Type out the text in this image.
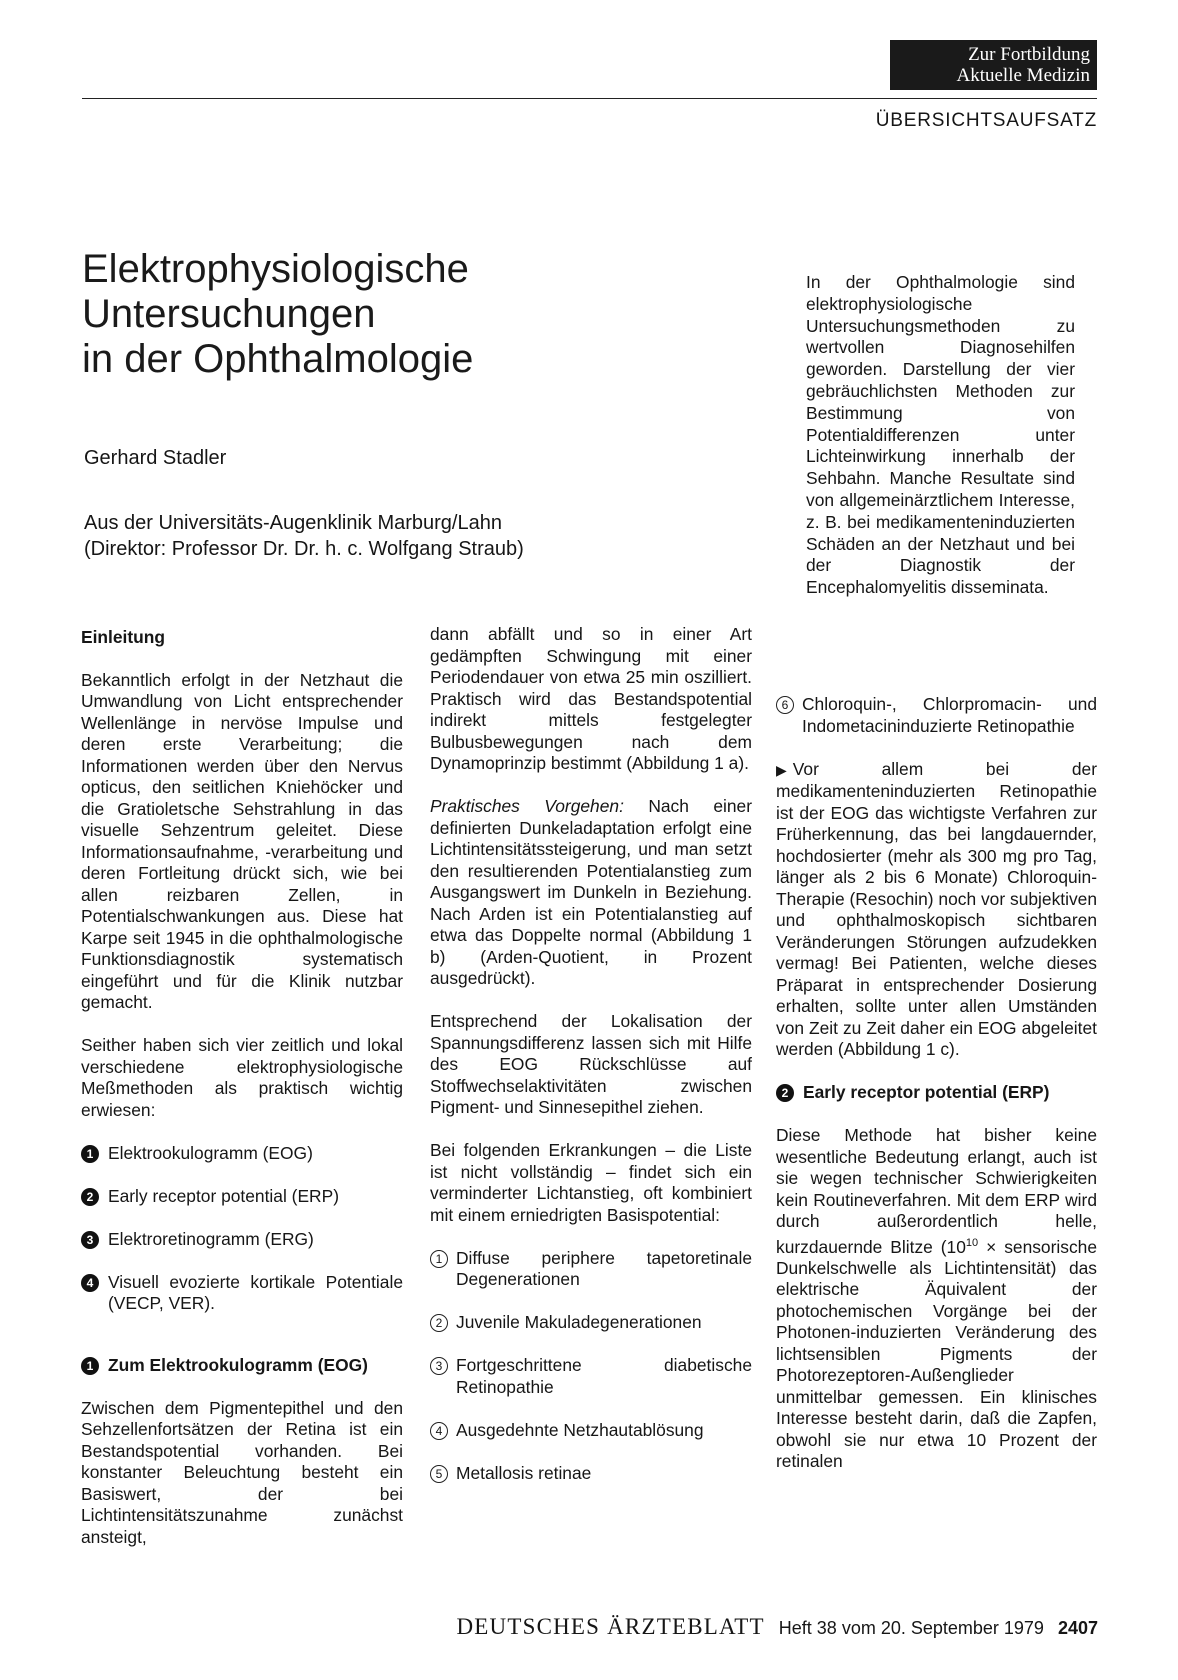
Zur Fortbildung
Aktuelle Medizin
ÜBERSICHTSAUFSATZ
Elektrophysiologische
Untersuchungen
in der Ophthalmologie
Gerhard Stadler
Aus der Universitäts-Augenklinik Marburg/Lahn
(Direktor: Professor Dr. Dr. h. c. Wolfgang Straub)
In der Ophthalmologie sind elektrophysiologische Untersuchungsmethoden zu wertvollen Diagnosehilfen geworden. Darstellung der vier gebräuchlichsten Methoden zur Bestimmung von Potentialdifferenzen unter Lichteinwirkung innerhalb der Sehbahn. Manche Resultate sind von allgemeinärztlichem Interesse, z. B. bei medikamenteninduzierten Schäden an der Netzhaut und bei der Diagnostik der Encephalomyelitis disseminata.

Einleitung

Bekanntlich erfolgt in der Netzhaut die Umwandlung von Licht entsprechender Wellenlänge in nervöse Impulse und deren erste Verarbeitung; die Informationen werden über den Nervus opticus, den seitlichen Kniehöcker und die Gratioletsche Sehstrahlung in das visuelle Sehzentrum geleitet. Diese Informationsaufnahme, -verarbeitung und deren Fortleitung drückt sich, wie bei allen reizbaren Zellen, in Potentialschwankungen aus. Diese hat Karpe seit 1945 in die ophthalmologische Funktionsdiagnostik systematisch eingeführt und für die Klinik nutzbar gemacht.

Seither haben sich vier zeitlich und lokal verschiedene elektrophysiologische Meßmethoden als praktisch wichtig erwiesen:

1 Elektrookulogramm (EOG)
2 Early receptor potential (ERP)
3 Elektroretinogramm (ERG)
4 Visuell evozierte kortikale Potentiale (VECP, VER).
1 Zum Elektrookulogramm (EOG)

Zwischen dem Pigmentepithel und den Sehzellenfortsätzen der Retina ist ein Bestandspotential vorhanden. Bei konstanter Beleuchtung besteht ein Basiswert, der bei Lichtintensitätszunahme zunächst ansteigt,

dann abfällt und so in einer Art gedämpften Schwingung mit einer Periodendauer von etwa 25 min oszilliert. Praktisch wird das Bestandspotential indirekt mittels festgelegter Bulbusbewegungen nach dem Dynamoprinzip bestimmt (Abbildung 1 a).

Praktisches Vorgehen: Nach einer definierten Dunkeladaptation erfolgt eine Lichtintensitätssteigerung, und man setzt den resultierenden Potentialanstieg zum Ausgangswert im Dunkeln in Beziehung. Nach Arden ist ein Potentialanstieg auf etwa das Doppelte normal (Abbildung 1 b) (Arden-Quotient, in Prozent ausgedrückt).

Entsprechend der Lokalisation der Spannungsdifferenz lassen sich mit Hilfe des EOG Rückschlüsse auf Stoffwechselaktivitäten zwischen Pigment- und Sinnesepithel ziehen.

Bei folgenden Erkrankungen – die Liste ist nicht vollständig – findet sich ein verminderter Lichtanstieg, oft kombiniert mit einem erniedrigten Basispotential:

1 Diffuse periphere tapetoretinale Degenerationen
2 Juvenile Makuladegenerationen
3 Fortgeschrittene diabetische Retinopathie
4 Ausgedehnte Netzhautablösung
5 Metallosis retinae
6 Chloroquin-, Chlorpromacin- und Indometacininduzierte Retinopathie

▶ Vor allem bei der medikamenteninduzierten Retinopathie ist der EOG das wichtigste Verfahren zur Früherkennung, das bei langdauernder, hochdosierter (mehr als 300 mg pro Tag, länger als 2 bis 6 Monate) Chloroquin-Therapie (Resochin) noch vor subjektiven und ophthalmoskopisch sichtbaren Veränderungen Störungen aufzudekken vermag! Bei Patienten, welche dieses Präparat in entsprechender Dosierung erhalten, sollte unter allen Umständen von Zeit zu Zeit daher ein EOG abgeleitet werden (Abbildung 1 c).

2 Early receptor potential (ERP)

Diese Methode hat bisher keine wesentliche Bedeutung erlangt, auch ist sie wegen technischer Schwierigkeiten kein Routineverfahren. Mit dem ERP wird durch außerordentlich helle, kurzdauernde Blitze ($10^{10}$ × sensorische Dunkelschwelle als Lichtintensität) das elektrische Äquivalent der photochemischen Vorgänge bei der Photonen-induzierten Veränderung des lichtsensiblen Pigments der Photorezeptoren-Außenglieder unmittelbar gemessen. Ein klinisches Interesse besteht darin, daß die Zapfen, obwohl sie nur etwa 10 Prozent der retinalen

DEUTSCHES ÄRZTEBLATT Heft 38 vom 20. September 1979 2407
